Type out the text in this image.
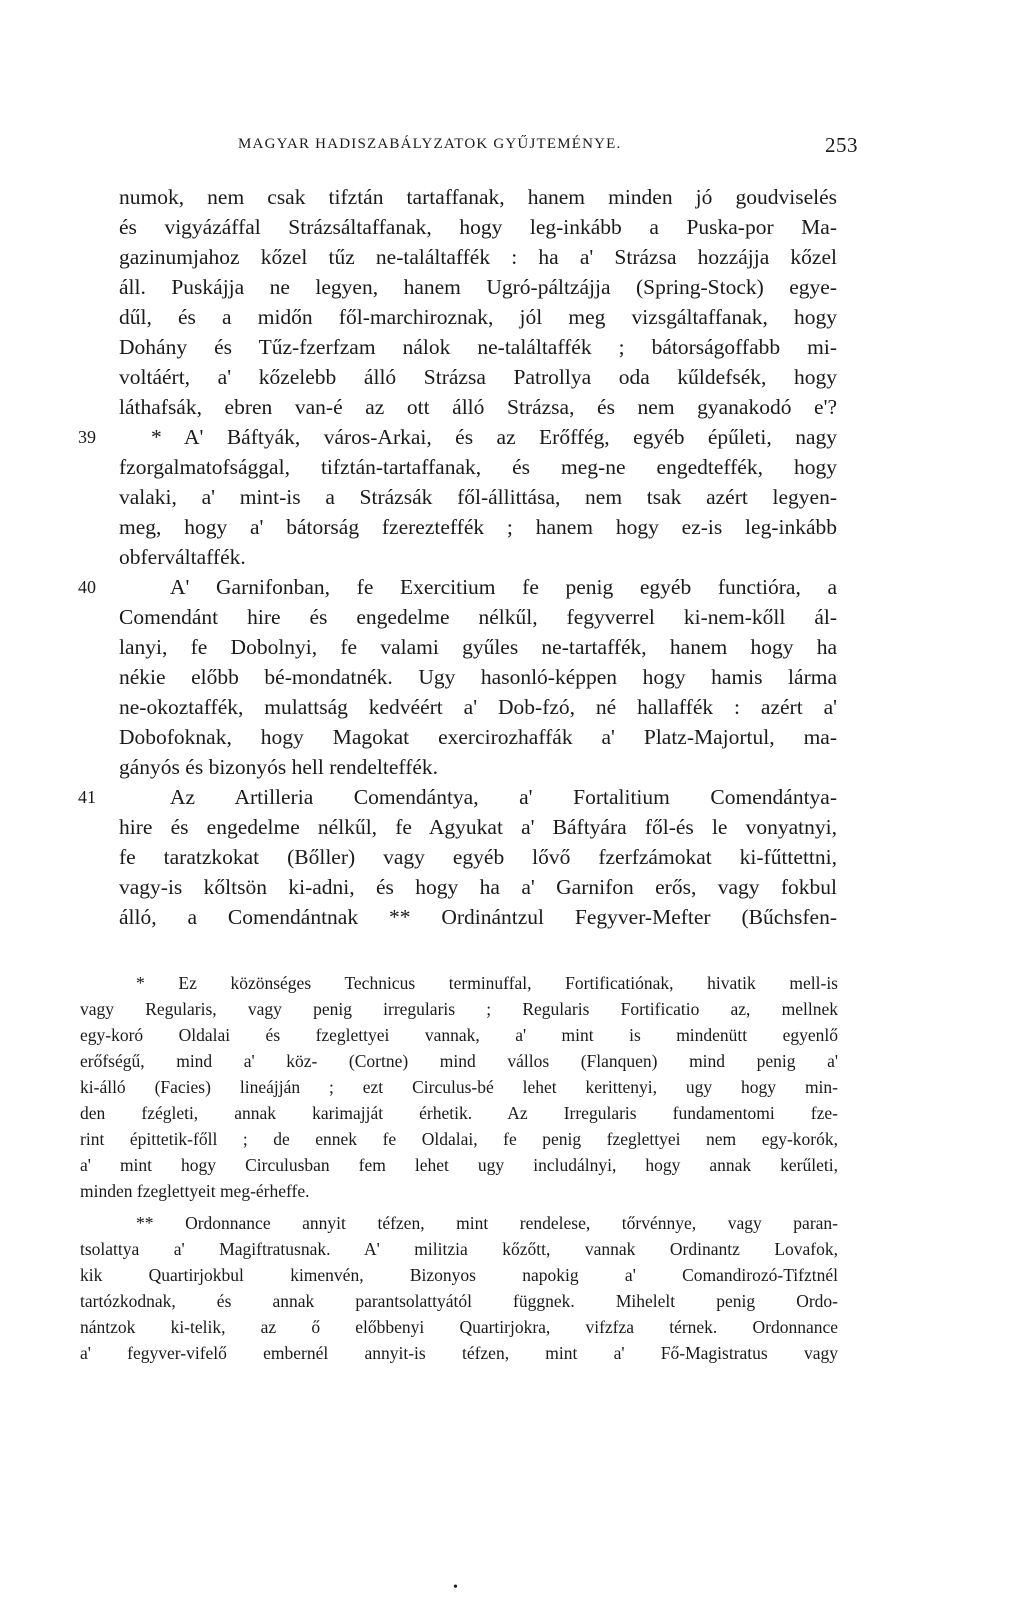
MAGYAR HADISZABÁLYZATOK GYŰJTEMÉNYE.	253
numok, nem csak tifztán tartaffanak, hanem minden jó goudviselés
és vigyázáffal Strázsáltaffanak, hogy leg-inkább a Puska-por Ma-
gazinumjahoz kőzel tűz ne-találtaffék : ha a' Strázsa hozzájja kőzel
áll. Puskájja ne legyen, hanem Ugró-páltzájja (Spring-Stock) egye-
dűl, és a midőn fől-marchiroznak, jól meg vizsgáltaffanak, hogy
Dohány és Tűz-fzerfzam nálok ne-találtaffék ; bátorságoffabb mi-
voltáért, a' kőzelebb álló Strázsa Patrollya oda kűldefsék, hogy
láthafsák, ebren van-é az ott álló Strázsa, és nem gyanakodó e'?
39	* A' Báftyák, város-Arkai, és az Erőffég, egyéb épűleti, nagy
fzorgalmatofsággal, tifztán-tartaffanak, és meg-ne engedteffék, hogy
valaki, a' mint-is a Strázsák fől-állittása, nem tsak azért legyen-
meg, hogy a' bátorság fzerezteffék ; hanem hogy ez-is leg-inkább
obferváltaffék.
40	A' Garnifonban, fe Exercitium fe penig egyéb functióra, a
Comendánt hire és engedelme nélkűl, fegyverrel ki-nem-kőll ál-
lanyi, fe Dobolnyi, fe valami gyűles ne-tartaffék, hanem hogy ha
nékie előbb bé-mondatnék. Ugy hasonló-képpen hogy hamis lárma
ne-okoztaffék, mulattság kedvéért a' Dob-fzó, né hallaffék : azért a'
Dobofoknak, hogy Magokat exercirozhaffák a' Platz-Majortul, ma-
gányós és bizonyós hell rendelteffék.
41	Az Artilleria Comendántya, a' Fortalitium Comendántya-
hire és engedelme nélkűl, fe Agyukat a' Báftyára fől-és le vonyatnyi,
fe taratzkokat (Bőller) vagy egyéb lővő fzerfzámokat ki-fűttettni,
vagy-is kőltsön ki-adni, és hogy ha a' Garnifon erős, vagy fokbul
álló, a Comendántnak ** Ordinántzul Fegyver-Mefter (Bűchsfen-
* Ez közönséges Technicus terminuffal, Fortificatiónak, hivatik mell-is
vagy Regularis, vagy penig irregularis ; Regularis Fortificatio az, mellnek
egy-koró Oldalai és fzeglettyei vannak, a' mint is mindenütt egyenlő
erőfségű, mind a' köz- (Cortne) mind vállos (Flanquen) mind penig a'
ki-álló (Facies) lineájján ; ezt Circulus-bé lehet kerittenyi, ugy hogy min-
den fzégleti, annak karimajját érhetik. Az Irregularis fundamentomi fze-
rint épittetik-főll ; de ennek fe Oldalai, fe penig fzeglettyei nem egy-korók,
a' mint hogy Circulusban fem lehet ugy includálnyi, hogy annak kerűleti,
minden fzeglettyeit meg-érheffe.
** Ordonnance annyit téfzen, mint rendelese, tőrvénnye, vagy paran-
tsolattya a' Magiftratusnak. A' militzia kőzőtt, vannak Ordinantz Lovafok,
kik Quartirjokbul kimenvén, Bizonyos napokig a' Comandirozó-Tifztnél
tartózkodnak, és annak parantsolattyától függnek. Mihelelt penig Ordo-
nántzok ki-telik, az ő előbbenyi Quartirjokra, vifzfza térnek. Ordonnance
a' fegyver-vifelő embernél annyit-is téfzen, mint a' Fő-Magistratus vagy
•
